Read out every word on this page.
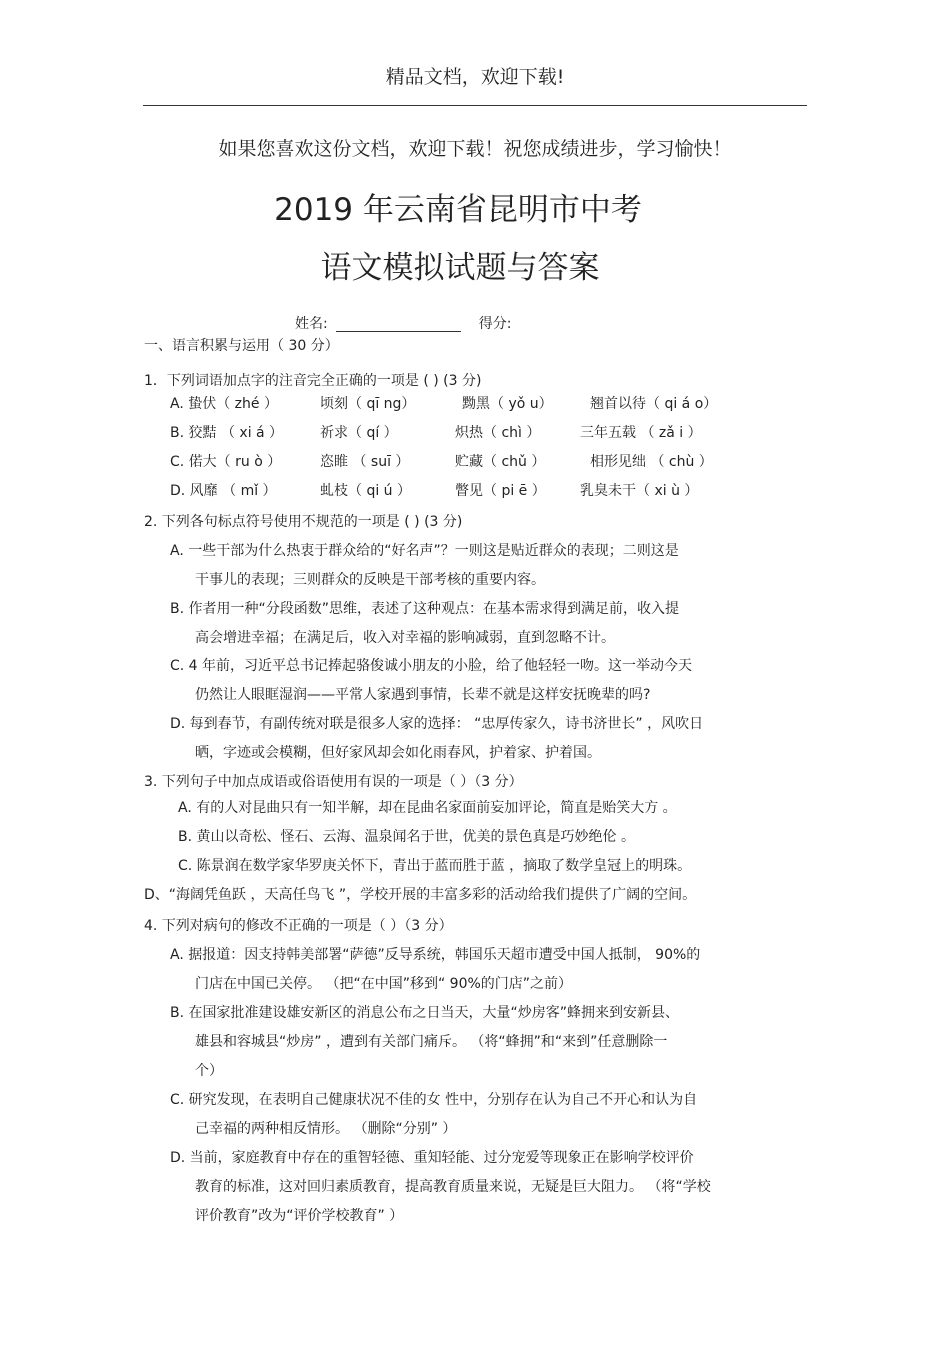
精品文档，欢迎下载!
如果您喜欢这份文档，欢迎下载！祝您成绩进步，学习愉快！
2019 年云南省昆明市中考
语文模拟试题与答案
姓名:	得分:
一、语言积累与运用（ 30 分）
1．下列词语加点字的注音完全正确的一项是 ( ) (3 分)
A. 蛰伏（ zhé ）	顷刻（ qī ng）	黝黑（ yǒ u）	翘首以待（ qi á o）
B. 狡黠 （ xi á ）	祈求（ qí ）	炽热（ chì ）	三年五载 （ zǎ i ）
C. 偌大（ ru ò ）	恣睢 （ suī ）	贮藏（ chǔ ）	相形见绌 （ chù ）
D. 风靡 （ mǐ ）	虬枝（ qi ú ）	瞥见（ pi ē ） 乳臭未干（ xi ù ）
2. 下列各句标点符号使用不规范的一项是 ( ) (3 分)
A. 一些干部为什么热衷于群众给的“好名声”？一则这是贴近群众的表现；二则这是
干事儿的表现；三则群众的反映是干部考核的重要内容。
B. 作者用一种“分段函数”思维，表述了这种观点：在基本需求得到满足前，收入提
高会增进幸福；在满足后，收入对幸福的影响减弱，直到忽略不计。
C. 4 年前，习近平总书记捧起骆俊诚小朋友的小脸，给了他轻轻一吻。这一举动今天
仍然让人眼眶湿润——平常人家遇到事情，长辈不就是这样安抚晚辈的吗?
D. 每到春节，有副传统对联是很多人家的选择： “忠厚传家久，诗书济世长” ，风吹日
晒，字迹或会模糊，但好家风却会如化雨春风，护着家、护着国。
3. 下列句子中加点成语或俗语使用有误的一项是（ ）（3 分）
A. 有的人对昆曲只有一知半解，却在昆曲名家面前妄加评论，简直是贻笑大方 。
B. 黄山以奇松、怪石、云海、温泉闻名于世，优美的景色真是巧妙绝伦 。
C. 陈景润在数学家华罗庚关怀下，青出于蓝而胜于蓝 ，摘取了数学皇冠上的明珠。
D、“海阔凭鱼跃 ，天高任鸟飞 ”，学校开展的丰富多彩的活动给我们提供了广阔的空间。
4. 下列对病句的修改不正确的一项是（ ）（3 分）
A. 据报道：因支持韩美部署“萨德”反导系统，韩国乐天超市遭受中国人抵制， 90%的
门店在中国已关停。 （把“在中国”移到“ 90%的门店”之前）
B. 在国家批准建设雄安新区的消息公布之日当天，大量“炒房客”蜂拥来到安新县、
雄县和容城县“炒房” ，遭到有关部门痛斥。 （将“蜂拥”和“来到”任意删除一
个）
C. 研究发现，在表明自己健康状况不佳的女 性中，分别存在认为自己不开心和认为自
己幸福的两种相反情形。 （删除“分别” ）
D. 当前，家庭教育中存在的重智轻德、重知轻能、过分宠爱等现象正在影响学校评价
教育的标准，这对回归素质教育，提高教育质量来说，无疑是巨大阻力。 （将“学校
评价教育”改为“评价学校教育” ）
